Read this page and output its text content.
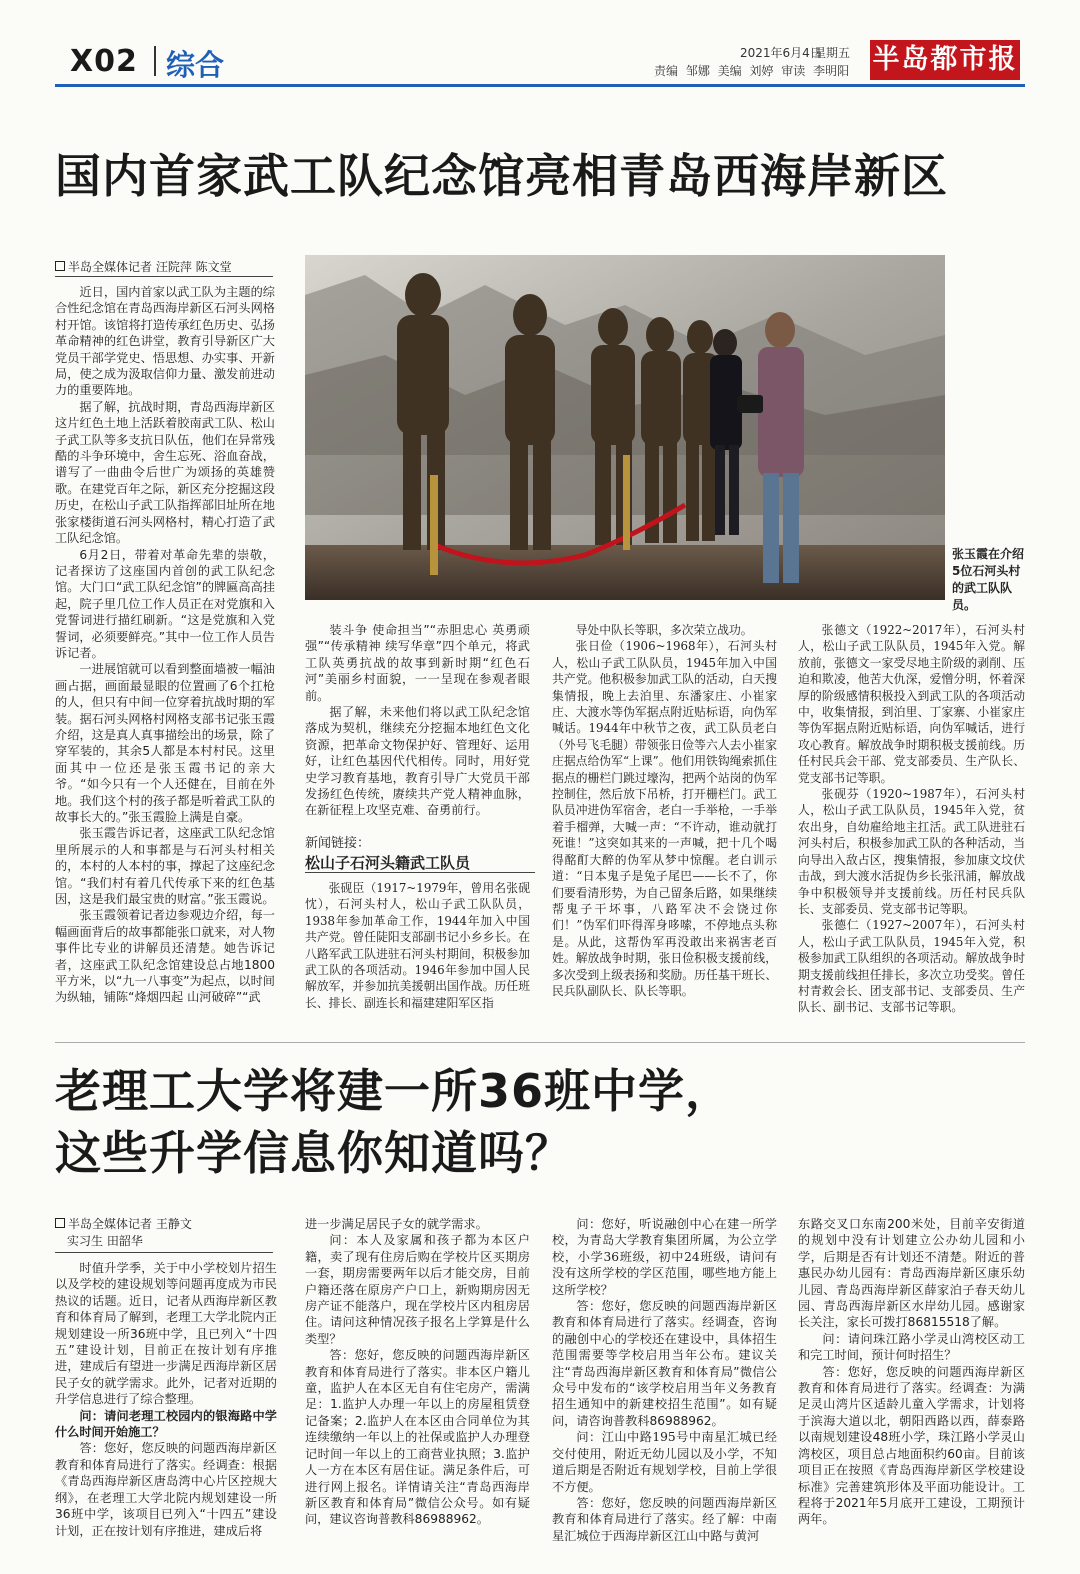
X02 综合	2021年6月4日
星期五
责编 邹娜 美编 刘婷 审读 李明阳 半岛都市报
国内首家武工队纪念馆亮相青岛西海岸新区
半岛全媒体记者 汪院萍 陈文堂

近日，国内首家以武工队为主题的综合性纪念馆在青岛西海岸新区石河头网格村开馆。该馆将打造传承红色历史、弘扬革命精神的红色讲堂，教育引导新区广大党员干部学党史、悟思想、办实事、开新局，使之成为汲取信仰力量、激发前进动力的重要阵地。

据了解，抗战时期，青岛西海岸新区这片红色土地上活跃着胶南武工队、松山子武工队等多支抗日队伍，他们在异常残酷的斗争环境中，舍生忘死、浴血奋战，谱写了一曲曲令后世广为颂扬的英雄赞歌。在建党百年之际，新区充分挖掘这段历史，在松山子武工队指挥部旧址所在地张家楼街道石河头网格村，精心打造了武工队纪念馆。

6月2日，带着对革命先辈的崇敬，记者探访了这座国内首创的武工队纪念馆。大门口“武工队纪念馆”的牌匾高高挂起，院子里几位工作人员正在对党旗和入党誓词进行描红刷新。“这是党旗和入党誓词，必须要鲜亮。”其中一位工作人员告诉记者。

一进展馆就可以看到整面墙被一幅油画占据，画面最显眼的位置画了6个扛枪的人，但只有中间一位穿着抗战时期的军装。据石河头网格村网格支部书记张玉霞介绍，这是真人真事描绘出的场景，除了穿军装的，其余5人都是本村村民。这里面其中一位还是张玉霞书记的亲大爷。“如今只有一个人还健在，目前在外地。我们这个村的孩子都是听着武工队的故事长大的。”张玉霞脸上满是自豪。

张玉霞告诉记者，这座武工队纪念馆里所展示的人和事都是与石河头村相关的，本村的人本村的事，撑起了这座纪念馆。“我们村有着几代传承下来的红色基因，这是我们最宝贵的财富。”张玉霞说。

张玉霞领着记者边参观边介绍，每一幅画面背后的故事都能张口就来，对人物事件比专业的讲解员还清楚。她告诉记者，这座武工队纪念馆建设总占地1800平方米，以“九一八事变”为起点，以时间为纵轴，铺陈“烽烟四起 山河破碎”“武

张玉霞在介绍5位石河头村的武工队队员。

装斗争 使命担当”“赤胆忠心 英勇顽强”“传承精神 续写华章”四个单元，将武工队英勇抗战的故事到新时期“红色石河”美丽乡村面貌，一一呈现在参观者眼前。

据了解，未来他们将以武工队纪念馆落成为契机，继续充分挖掘本地红色文化资源，把革命文物保护好、管理好、运用好，让红色基因代代相传。同时，用好党史学习教育基地，教育引导广大党员干部发扬红色传统，赓续共产党人精神血脉，在新征程上攻坚克难、奋勇前行。

新闻链接：
松山子石河头籍武工队员

张砚臣（1917~1979年，曾用名张砚忱），石河头村人，松山子武工队队员，1938年参加革命工作，1944年加入中国共产党。曾任陡阳支部副书记小乡乡长。在八路军武工队进驻石河头村期间，积极参加武工队的各项活动。1946年参加中国人民解放军，并参加抗美援朝出国作战。历任班长、排长、副连长和福建建阳军区指

导处中队长等职，多次荣立战功。

张日俭（1906~1968年），石河头村人，松山子武工队队员，1945年加入中国共产党。他积极参加武工队的活动，白天搜集情报，晚上去泊里、东潘家庄、小崔家庄、大渡水等伪军据点附近贴标语，向伪军喊话。1944年中秋节之夜，武工队员老白（外号飞毛腿）带领张日俭等六人去小崔家庄据点给伪军“上课”。他们用铁钩绳索抓住据点的栅栏门跳过壕沟，把两个站岗的伪军控制住，然后放下吊桥，打开栅栏门。武工队员冲进伪军宿舍，老白一手举枪，一手举着手榴弹，大喊一声：“不许动，谁动就打死谁！”这突如其来的一声喊，把十几个喝得酩酊大醉的伪军从梦中惊醒。老白训示道：“日本鬼子是兔子尾巴——长不了，你们要看清形势，为自己留条后路，如果继续帮鬼子干坏事，八路军决不会饶过你们！”伪军们吓得浑身哆嗦，不停地点头称是。从此，这帮伪军再没敢出来祸害老百姓。解放战争时期，张日俭积极支援前线，多次受到上级表扬和奖励。历任基干班长、民兵队副队长、队长等职。

张德文（1922~2017年），石河头村人，松山子武工队队员，1945年入党。解放前，张德文一家受尽地主阶级的剥削、压迫和欺凌，他苦大仇深，爱憎分明，怀着深厚的阶级感情积极投入到武工队的各项活动中，收集情报，到泊里、丁家寨、小崔家庄等伪军据点附近贴标语，向伪军喊话，进行攻心教育。解放战争时期积极支援前线。历任村民兵会干部、党支部委员、生产队长、党支部书记等职。

张砚芬（1920~1987年），石河头村人，松山子武工队队员，1945年入党，贫农出身，自幼雇给地主扛活。武工队进驻石河头村后，积极参加武工队的各种活动，当向导出入敌占区，搜集情报，参加康文坟伏击战，到大渡水活捉伪乡长张汛浦，解放战争中积极领导并支援前线。历任村民兵队长、支部委员、党支部书记等职。

张德仁（1927~2007年），石河头村人，松山子武工队队员，1945年入党，积极参加武工队组织的各项活动。解放战争时期支援前线担任排长，多次立功受奖。曾任村青救会长、团支部书记、支部委员、生产队长、副书记、支部书记等职。

老理工大学将建一所36班中学，
这些升学信息你知道吗？
半岛全媒体记者 王静文
实习生 田韶华

时值升学季，关于中小学校划片招生以及学校的建设规划等问题再度成为市民热议的话题。近日，记者从西海岸新区教育和体育局了解到，老理工大学北院内正规划建设一所36班中学，且已列入“十四五”建设计划，目前正在按计划有序推进，建成后有望进一步满足西海岸新区居民子女的就学需求。此外，记者对近期的升学信息进行了综合整理。

问：请问老理工校园内的银海路中学什么时间开始施工？

答：您好，您反映的问题西海岸新区教育和体育局进行了落实。经调查：根据《青岛西海岸新区唐岛湾中心片区控规大纲》，在老理工大学北院内规划建设一所36班中学，该项目已列入“十四五”建设计划，正在按计划有序推进，建成后将

进一步满足居民子女的就学需求。

问：本人及家属和孩子都为本区户籍，卖了现有住房后购在学校片区买期房一套，期房需要两年以后才能交房，目前户籍还落在原房产户口上，新购期房因无房产证不能落户，现在学校片区内租房居住。请问这种情况孩子报名上学算是什么类型？

答：您好，您反映的问题西海岸新区教育和体育局进行了落实。非本区户籍儿童，监护人在本区无自有住宅房产，需满足：1.监护人办理一年以上的房屋租赁登记备案；2.监护人在本区由合同单位为其连续缴纳一年以上的社保或监护人办理登记时间一年以上的工商营业执照；3.监护人一方在本区有居住证。满足条件后，可进行网上报名。详情请关注“青岛西海岸新区教育和体育局”微信公众号。如有疑问，建议咨询普教科86988962。

问：您好，听说融创中心在建一所学校，为青岛大学教育集团所属，为公立学校，小学36班级，初中24班级，请问有没有这所学校的学区范围，哪些地方能上这所学校？

答：您好，您反映的问题西海岸新区教育和体育局进行了落实。经调查，咨询的融创中心的学校还在建设中，具体招生范围需要等学校启用当年公布。建议关注“青岛西海岸新区教育和体育局”微信公众号中发布的“该学校启用当年义务教育招生通知中的新建校招生范围”。如有疑问，请咨询普教科86988962。

问：江山中路195号中南星汇城已经交付使用，附近无幼儿园以及小学，不知道后期是否附近有规划学校，目前上学很不方便。

答：您好，您反映的问题西海岸新区教育和体育局进行了落实。经了解：中南星汇城位于西海岸新区江山中路与黄河

东路交叉口东南200米处，目前辛安街道的规划中没有计划建立公办幼儿园和小学，后期是否有计划还不清楚。附近的普惠民办幼儿园有：青岛西海岸新区康乐幼儿园、青岛西海岸新区薛家泊子春天幼儿园、青岛西海岸新区水岸幼儿园。感谢家长关注，家长可拨打86815518了解。

问：请问珠江路小学灵山湾校区动工和完工时间，预计何时招生？

答：您好，您反映的问题西海岸新区教育和体育局进行了落实。经调查：为满足灵山湾片区适龄儿童入学需求，计划将于滨海大道以北，朝阳西路以西，薛泰路以南规划建设48班小学，珠江路小学灵山湾校区，项目总占地面积约60亩。目前该项目正在按照《青岛西海岸新区学校建设标准》完善建筑形体及平面功能设计。工程将于2021年5月底开工建设，工期预计两年。
